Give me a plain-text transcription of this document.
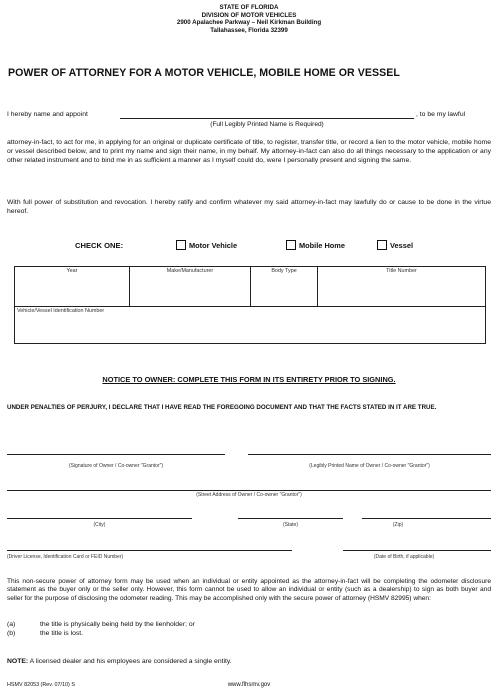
STATE OF FLORIDA
DIVISION OF MOTOR VEHICLES
2900 Apalachee Parkway – Neil Kirkman Building
Tallahassee, Florida 32399
POWER OF ATTORNEY FOR A MOTOR VEHICLE, MOBILE HOME OR VESSEL
I hereby name and appoint	, to be my lawful
(Full Legibly Printed Name is Required)
attorney-in-fact, to act for me, in applying for an original or duplicate certificate of title, to register, transfer title, or record a lien to the motor vehicle, mobile home or vessel described below, and to print my name and sign their name, in my behalf. My attorney-in-fact can also do all things necessary to the application or any other related instrument and to bind me in as sufficient a manner as I myself could do, were I personally present and signing the same.
With full power of substitution and revocation. I hereby ratify and confirm whatever my said attorney-in-fact may lawfully do or cause to be done in the virtue hereof.
CHECK ONE:	Motor Vehicle	Mobile Home	Vessel
Year	Make/Manufacturer	Body Type	Title Number
Vehicle/Vessel Identification Number
NOTICE TO OWNER: COMPLETE THIS FORM IN ITS ENTIRETY PRIOR TO SIGNING.
UNDER PENALTIES OF PERJURY, I DECLARE THAT I HAVE READ THE FOREGOING DOCUMENT AND THAT THE FACTS STATED IN IT ARE TRUE.
(Signature of Owner / Co-owner "Grantor")	(Legibly Printed Name of Owner / Co-owner "Grantor")
(Street Address of Owner / Co-owner "Grantor")
(City)	(State)	(Zip)
(Driver License, Identification Card or FEID Number)	(Date of Birth, if applicable)
This non-secure power of attorney form may be used when an individual or entity appointed as the attorney-in-fact will be completing the odometer disclosure statement as the buyer only or the seller only. However, this form cannot be used to allow an individual or entity (such as a dealership) to sign as both buyer and seller for the purpose of disclosing the odometer reading. This may be accomplished only with the secure power of attorney (HSMV 82995) when:
(a)	the title is physically being held by the lienholder; or
(b)	the title is lost.
NOTE: A licensed dealer and his employees are considered a single entity.
HSMV 82053 (Rev. 07/10) S	www.flhsmv.gov
